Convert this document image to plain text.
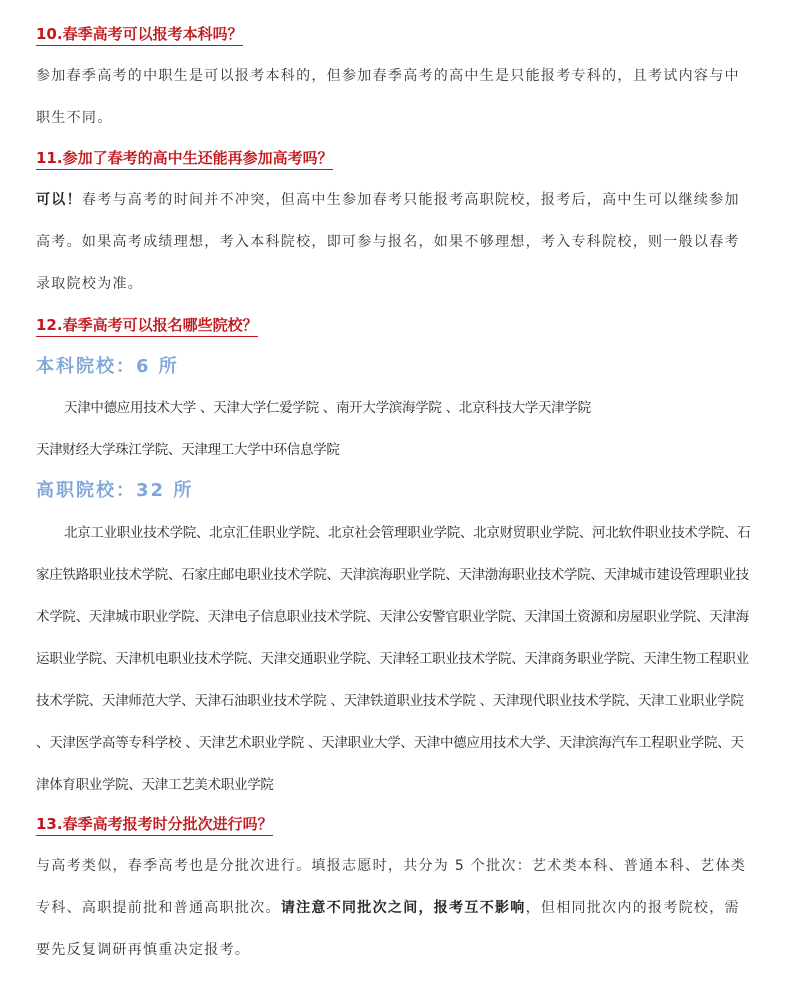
10.春季高考可以报考本科吗？
参加春季高考的中职生是可以报考本科的，但参加春季高考的高中生是只能报考专科的，且考试内容与中职生不同。
11.参加了春考的高中生还能再参加高考吗？
可以！春考与高考的时间并不冲突，但高中生参加春考只能报考高职院校，报考后，高中生可以继续参加高考。如果高考成绩理想，考入本科院校，即可参与报名，如果不够理想，考入专科院校，则一般以春考录取院校为准。
12.春季高考可以报名哪些院校？
本科院校：6 所
天津中德应用技术大学 、天津大学仁爱学院 、南开大学滨海学院 、北京科技大学天津学院
天津财经大学珠江学院、天津理工大学中环信息学院
高职院校：32 所
北京工业职业技术学院、北京汇佳职业学院、北京社会管理职业学院、北京财贸职业学院、河北软件职业技术学院、石家庄铁路职业技术学院、石家庄邮电职业技术学院、天津滨海职业学院、天津渤海职业技术学院、天津城市建设管理职业技术学院、天津城市职业学院、天津电子信息职业技术学院、天津公安警官职业学院、天津国土资源和房屋职业学院、天津海运职业学院、天津机电职业技术学院、天津交通职业学院、天津轻工职业技术学院、天津商务职业学院、天津生物工程职业技术学院、天津师范大学、天津石油职业技术学院 、天津铁道职业技术学院 、天津现代职业技术学院、天津工业职业学院 、天津医学高等专科学校 、天津艺术职业学院 、天津职业大学、天津中德应用技术大学、天津滨海汽车工程职业学院、天津体育职业学院、天津工艺美术职业学院
13.春季高考报考时分批次进行吗？
与高考类似，春季高考也是分批次进行。填报志愿时，共分为 5 个批次：艺术类本科、普通本科、艺体类专科、高职提前批和普通高职批次。请注意不同批次之间，报考互不影响，但相同批次内的报考院校，需要先反复调研再慎重决定报考。
